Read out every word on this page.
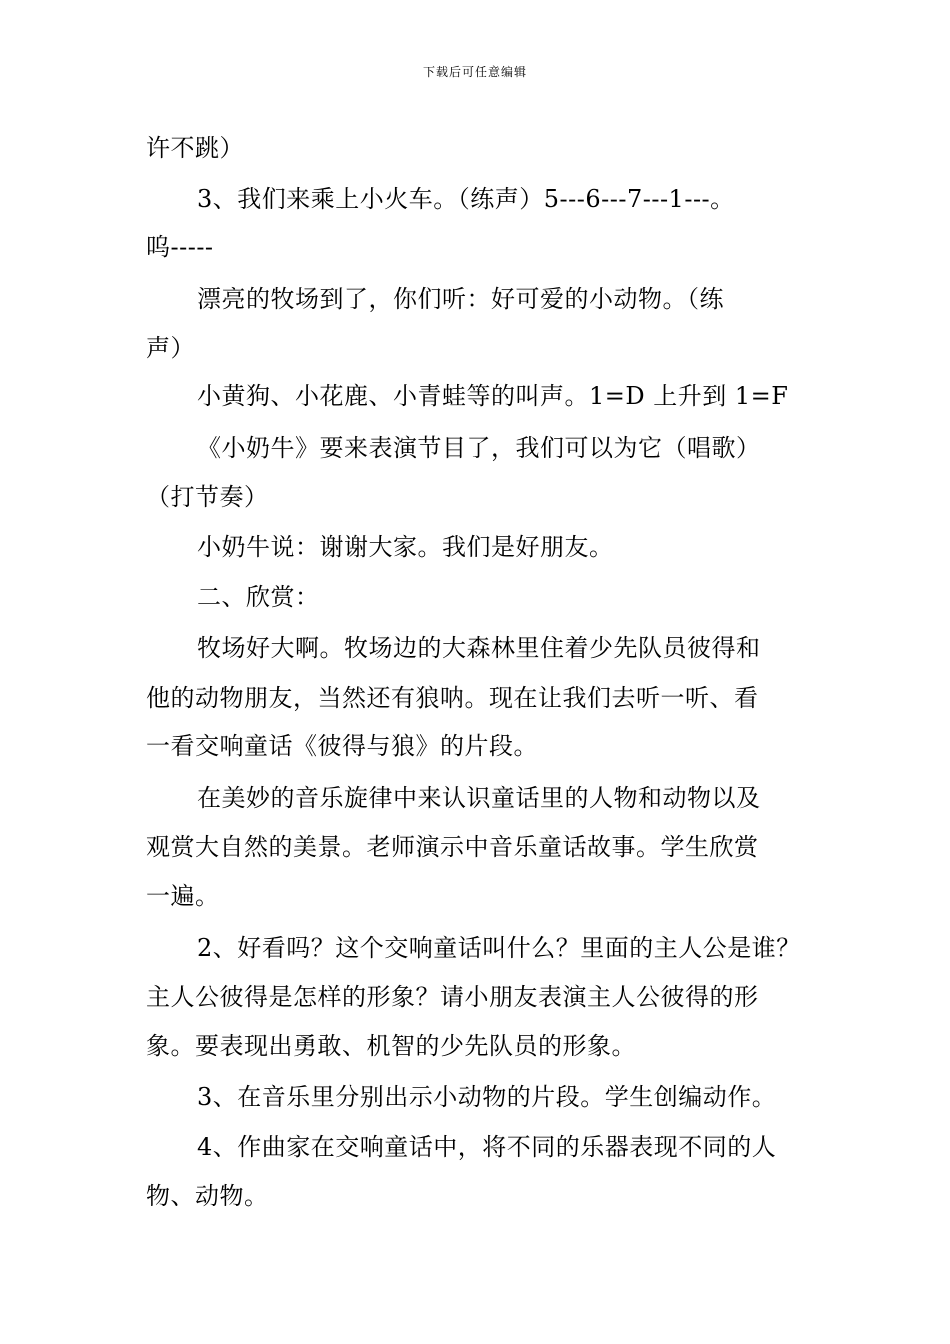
下载后可任意编辑
许不跳）
3、我们来乘上小火车。（练声）5---6---7---1---。
呜-----
漂亮的牧场到了，你们听：好可爱的小动物。（练
声）
小黄狗、小花鹿、小青蛙等的叫声。1=D 上升到 1=F
《小奶牛》要来表演节目了，我们可以为它（唱歌）
（打节奏）
小奶牛说：谢谢大家。我们是好朋友。
二、欣赏：
牧场好大啊。牧场边的大森林里住着少先队员彼得和
他的动物朋友，当然还有狼呐。现在让我们去听一听、看
一看交响童话《彼得与狼》的片段。
在美妙的音乐旋律中来认识童话里的人物和动物以及
观赏大自然的美景。老师演示中音乐童话故事。学生欣赏
一遍。
2、好看吗？这个交响童话叫什么？里面的主人公是谁？
主人公彼得是怎样的形象？请小朋友表演主人公彼得的形
象。要表现出勇敢、机智的少先队员的形象。
3、在音乐里分别出示小动物的片段。学生创编动作。
4、作曲家在交响童话中，将不同的乐器表现不同的人
物、动物。
